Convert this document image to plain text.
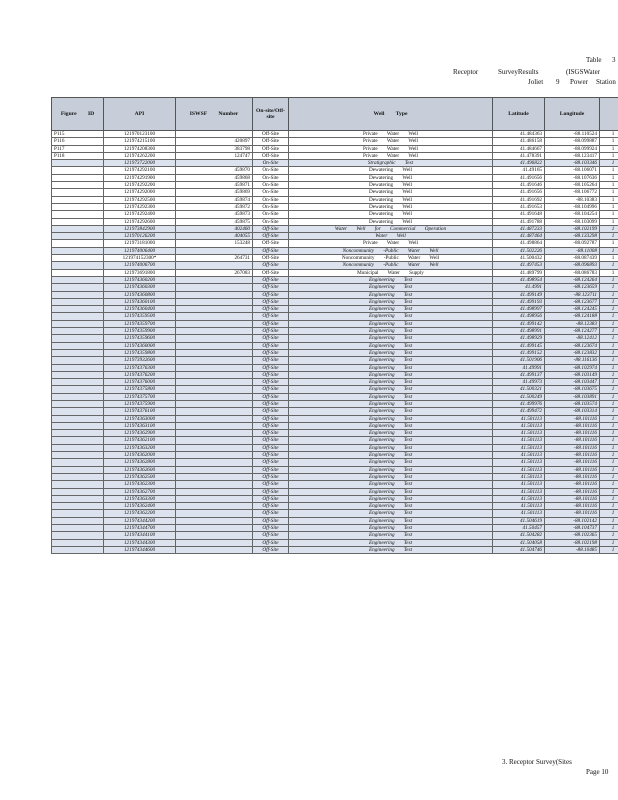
Table 3
Receptor	SurveyResults	(ISGSWater
Joliet 9 Power Station
Figure ID	API	ISWSF Number	On-site/Off-site	Well Type	Latitude	Longitude	
P115	121970123100		Off-Site	Private Water Well	41.484363	-88.110524	1
P116	121974215100	420897	Off-Site	Private Water Well	41.486158	-88.099887	1
P117	121974208300	383798	Off-Site	Private Water Well	41.484667	-88.099924	1
P118	121974262200	124747	Off-Site	Private Water Well	41.478391	-88.123417	1
	121973722000		On-Site	Stratigraphic Test	41.496822	-88.103346	1
	121974292100	459870	On-Site	Dewatering Well	41.49165	-88.106071	1
	121974291900	459868	On-Site	Dewatering Well	41.491656	-88.107636	1
	121974292200	459871	On-Site	Dewatering Well	41.491646	-88.105264	1
	121974292000	459869	On-Site	Dewatering Well	41.491656	-88.106772	1
	121974292500	459874	On-Site	Dewatering Well	41.491692	-88.10383	1
	121974292300	459872	On-Site	Dewatering Well	41.491653	-88.104996	1
	121974292400	459873	On-Site	Dewatering Well	41.491648	-88.104254	1
	121974292600	459875	On-Site	Dewatering Well	41.491788	-88.103099	1
	121973842900	402460	Off-Site	Water Well for Commercial Operation	41.487233	-88.102199	1
	121970126200	404055	Off-Site	Water Well	41.487464	-88.133298	1
	121973181000	153248	Off-Site	Private Water Well	41.498864	-88.092787	1
	121974006400		Off-Site	Noncommunity -Public Water Well	41.502226	-88.11008	1
	121974152300*	264731	Off-Site	Noncommunity -Public Water Well	41.500432	-88.087439	1
	121974006700		Off-Site	Noncommunity -Public Water Well	41.497453	-88.096893	1
	121973691800	267083	Off-Site	Municipal Water Supply	41.489799	-88.086783	1
	121974360200		Off-Site	Engineering Test	41.498954	-88.124264	1
	121974360300		Off-Site	Engineering Test	41.4991	-88.123659	1
	121974360800		Off-Site	Engineering Test	41.499149	-88.123711	1
	121974360100		Off-Site	Engineering Test	41.499193	-88.123677	1
	121974360400		Off-Site	Engineering Test	41.498997	-88.124245	1
	121974359500		Off-Site	Engineering Test	41.498956	-88.124188	1
	121974359700		Off-Site	Engineering Test	41.499142	-88.12383	1
	121974359900		Off-Site	Engineering Test	41.498991	-88.124277	1
	121974359600		Off-Site	Engineering Test	41.498929	-88.12412	1
	121974360000		Off-Site	Engineering Test	41.499145	-88.123674	1
	121974359800		Off-Site	Engineering Test	41.499152	-88.123832	1
	121973932600		Off-Site	Engineering Test	41.501906	-88.116136	1
	121974376300		Off-Site	Engineering Test	41.49991	-88.102974	1
	121974376200		Off-Site	Engineering Test	41.499137	-88.103149	1
	121974376000		Off-Site	Engineering Test	41.49973	-88.103447	1
	121974375800		Off-Site	Engineering Test	41.500321	-88.103675	1
	121974375700		Off-Site	Engineering Test	41.500249	-88.103891	1
	121974375900		Off-Site	Engineering Test	41.499976	-88.103574	1
	121974376100		Off-Site	Engineering Test	41.499472	-88.103314	1
	121974363000		Off-Site	Engineering Test	41.501113	-88.101116	1
	121974363100		Off-Site	Engineering Test	41.501113	-88.101116	1
	121974362900		Off-Site	Engineering Test	41.501113	-88.101116	1
	121974362100		Off-Site	Engineering Test	41.501113	-88.101116	1
	121974363200		Off-Site	Engineering Test	41.501113	-88.101116	1
	121974362000		Off-Site	Engineering Test	41.501113	-88.101116	1
	121974362800		Off-Site	Engineering Test	41.501113	-88.101116	1
	121974362600		Off-Site	Engineering Test	41.501113	-88.101116	1
	121974362500		Off-Site	Engineering Test	41.501113	-88.101116	1
	121974362300		Off-Site	Engineering Test	41.501113	-88.101116	1
	121974362700		Off-Site	Engineering Test	41.501113	-88.101116	1
	121974363300		Off-Site	Engineering Test	41.501113	-88.101116	1
	121974362400		Off-Site	Engineering Test	41.501113	-88.101116	1
	121974362200		Off-Site	Engineering Test	41.501113	-88.101116	1
	121974344200		Off-Site	Engineering Test	41.504619	-88.102142	1
	121974344700		Off-Site	Engineering Test	41.50457	-88.104737	1
	121974344100		Off-Site	Engineering Test	41.504282	-88.102365	1
	121974344300		Off-Site	Engineering Test	41.504058	-88.102198	1
	121974344600		Off-Site	Engineering Test	41.504746	-88.10485	1
3. Receptor Survey(Sites
Page 10
